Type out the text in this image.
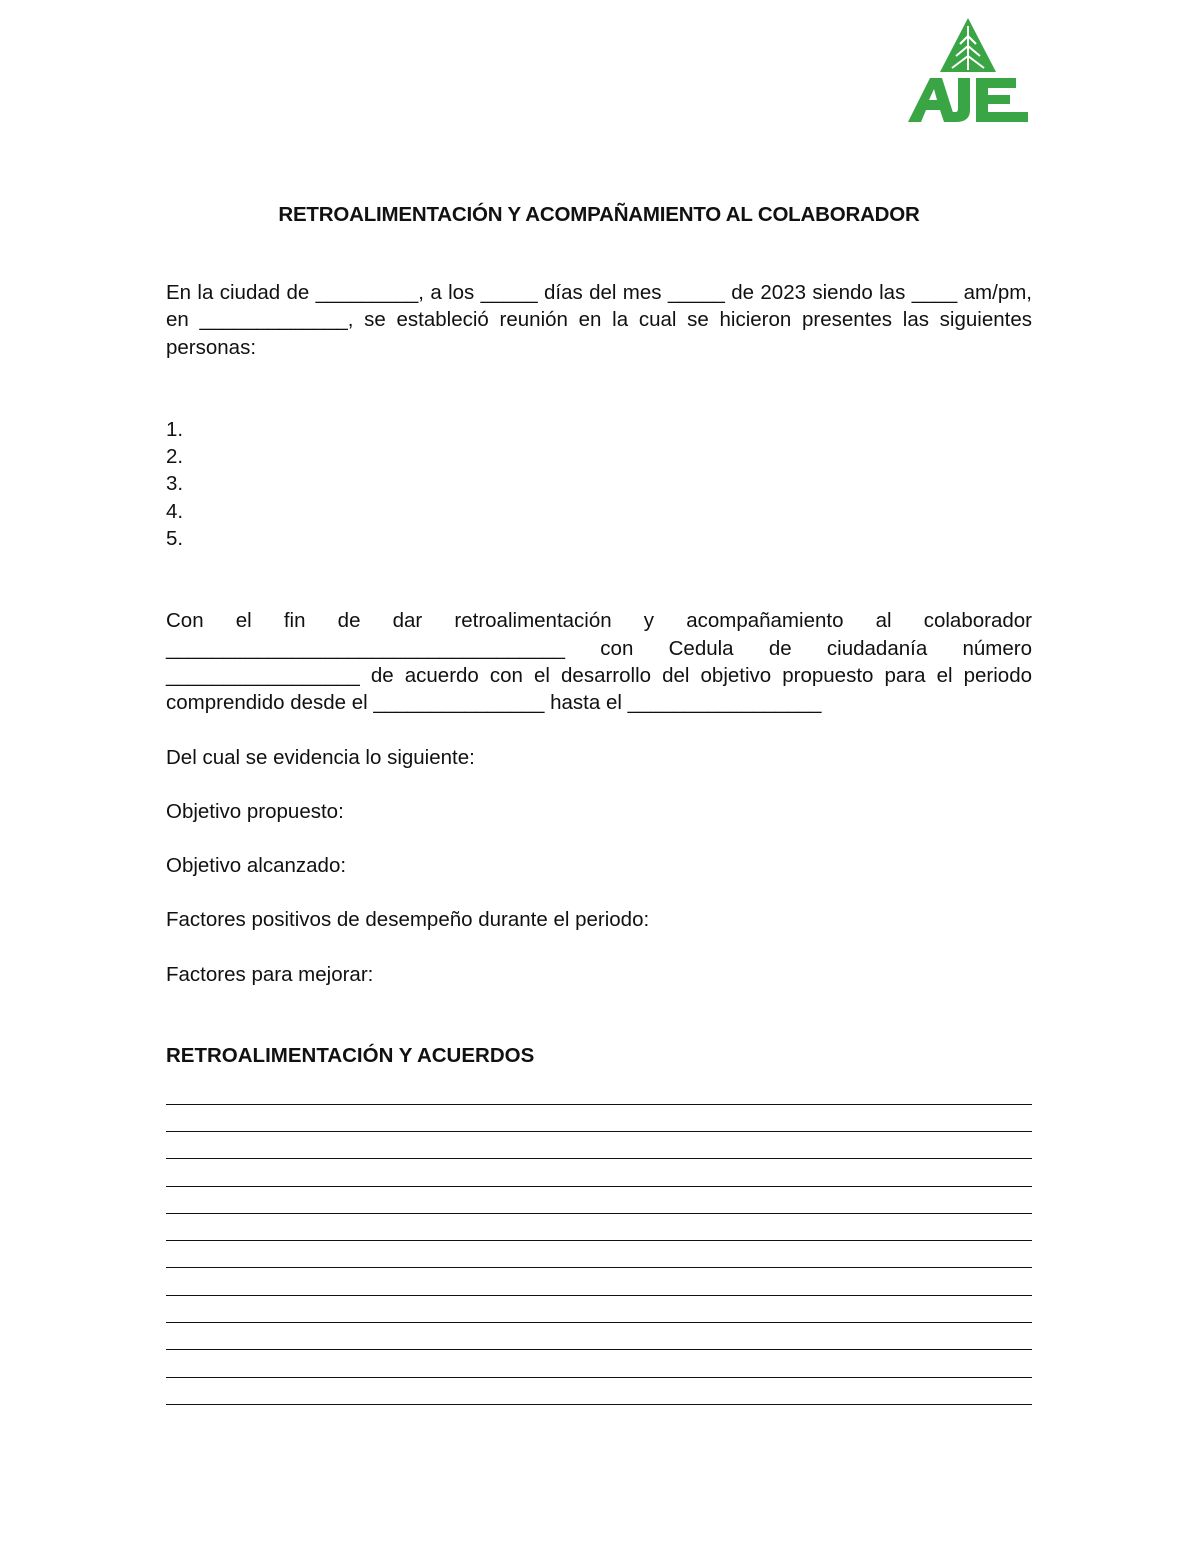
RETROALIMENTACIÓN Y ACOMPAÑAMIENTO AL COLABORADOR

En la ciudad de _________, a los _____ días del mes _____ de 2023 siendo las ____ am/pm, en _____________, se estableció reunión en la cual se hicieron presentes las siguientes personas:

1.
2.
3.
4.
5.

Con el fin de dar retroalimentación y acompañamiento al colaborador ___________________________________ con Cedula de ciudadanía número _________________ de acuerdo con el desarrollo del objetivo propuesto para el periodo comprendido desde el _______________ hasta el _________________

Del cual se evidencia lo siguiente:

Objetivo propuesto:

Objetivo alcanzado:

Factores positivos de desempeño durante el periodo:

Factores para mejorar:

RETROALIMENTACIÓN Y ACUERDOS
